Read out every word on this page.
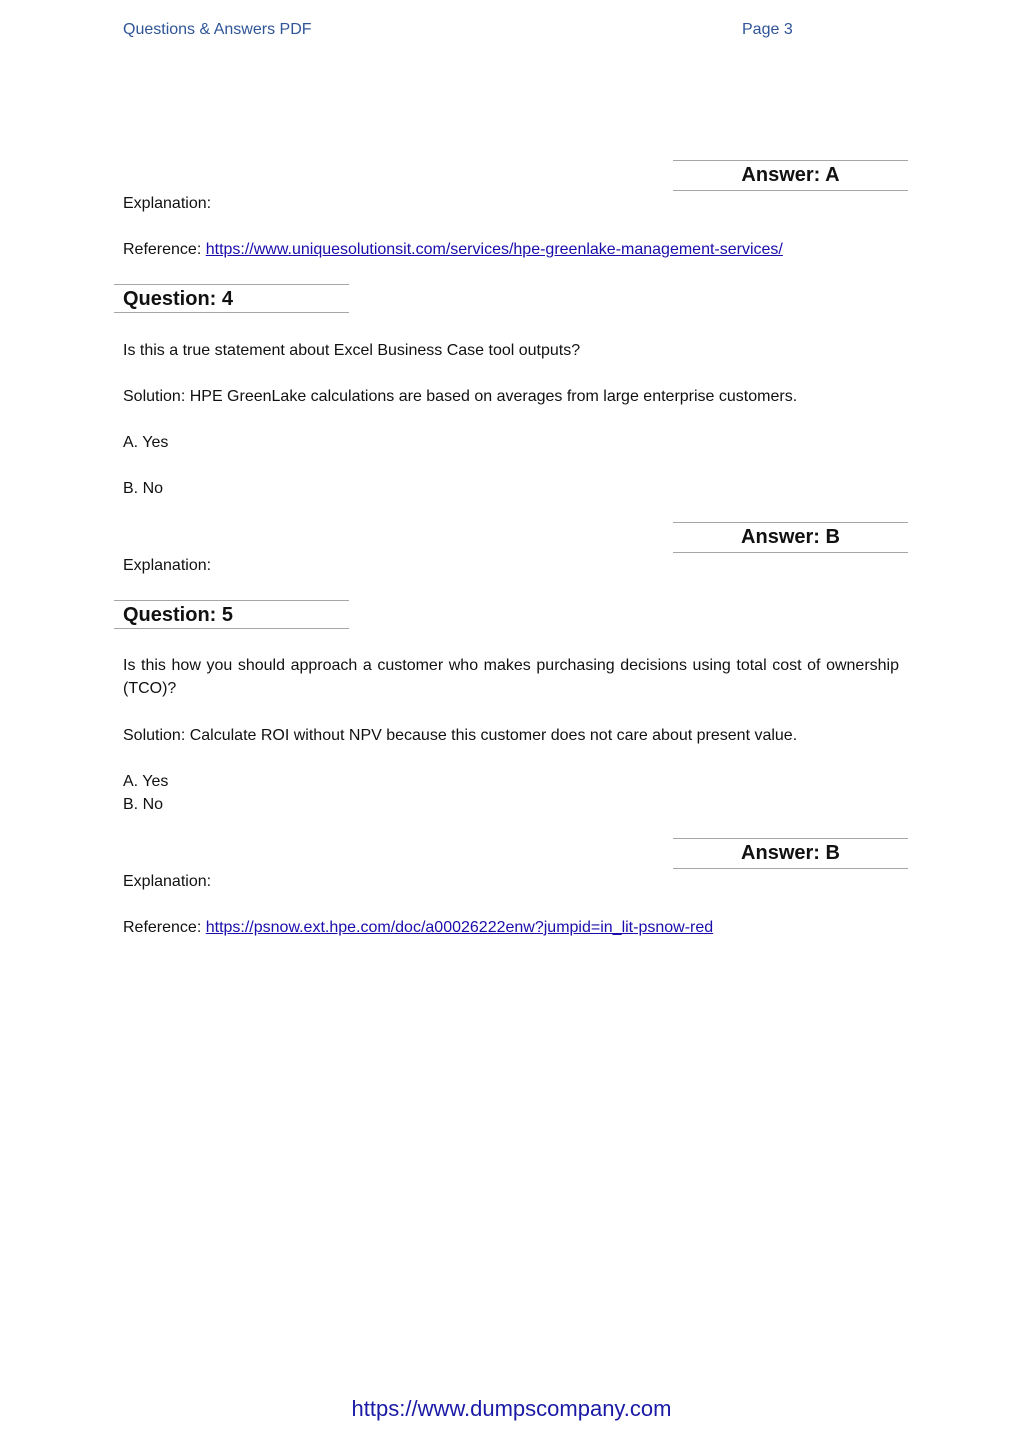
Questions & Answers PDF	Page 3
Answer: A
Explanation:
Reference: https://www.uniquesolutionsit.com/services/hpe-greenlake-management-services/
Question: 4
Is this a true statement about Excel Business Case tool outputs?
Solution: HPE GreenLake calculations are based on averages from large enterprise customers.
A. Yes
B. No
Answer: B
Explanation:
Question: 5
Is this how you should approach a customer who makes purchasing decisions using total cost of ownership (TCO)?
Solution: Calculate ROI without NPV because this customer does not care about present value.
A. Yes
B. No
Answer: B
Explanation:
Reference: https://psnow.ext.hpe.com/doc/a00026222enw?jumpid=in_lit-psnow-red
https://www.dumpscompany.com
